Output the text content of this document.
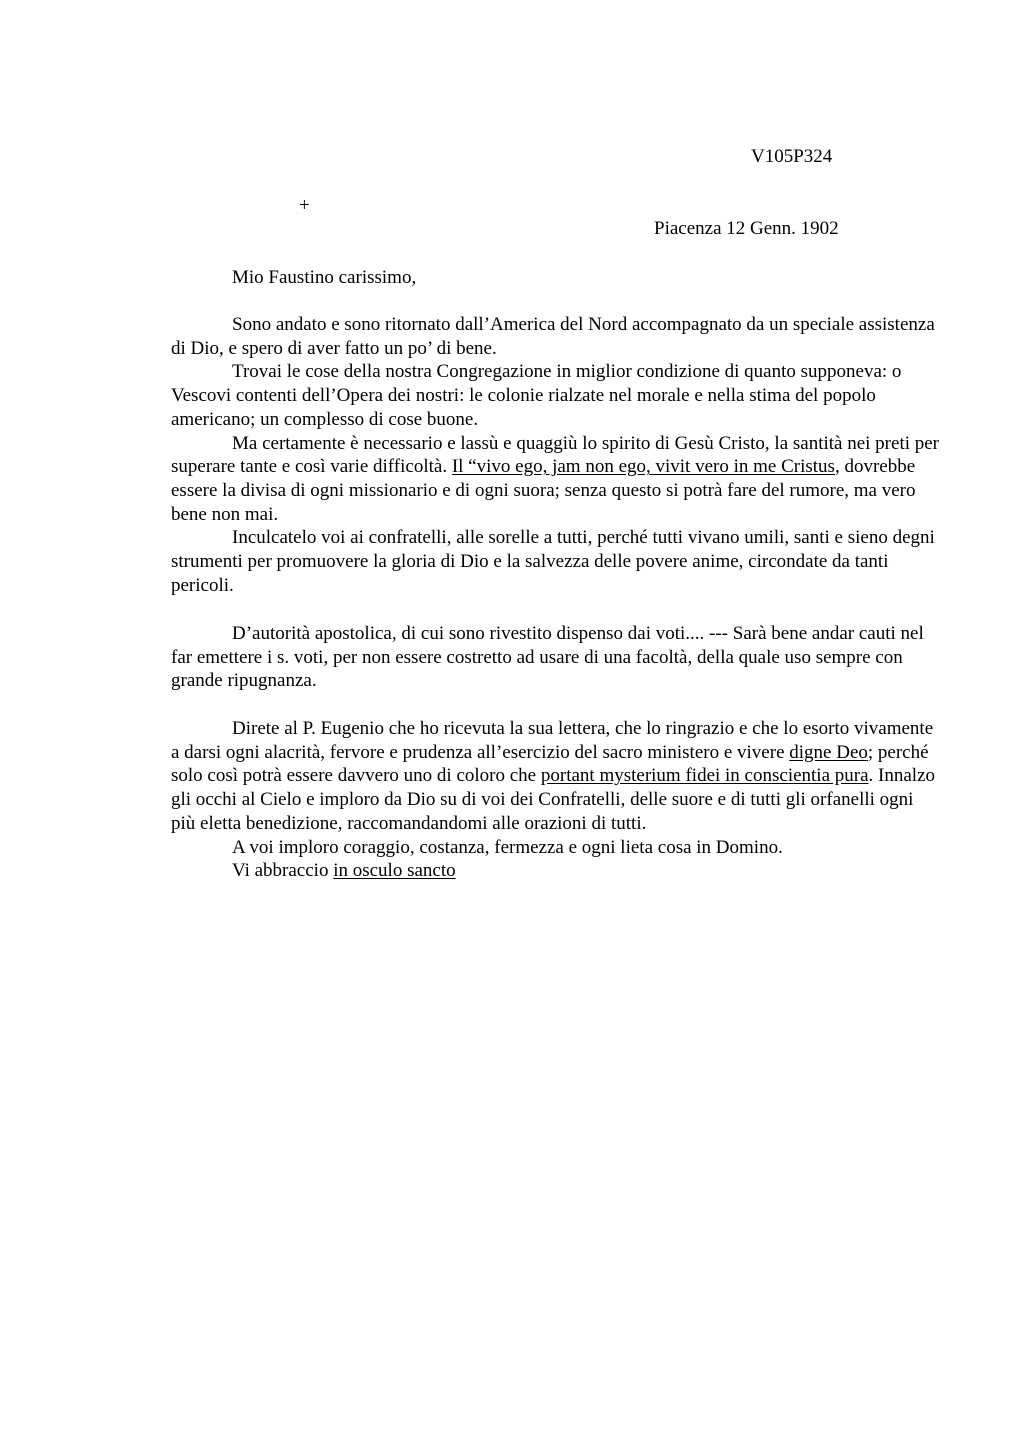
V105P324
+
Piacenza 12 Genn. 1902
Mio Faustino carissimo,

Sono andato e sono ritornato dall’America del Nord accompagnato da un speciale assistenza di Dio, e spero di aver fatto un po’ di bene.

Trovai le cose della nostra Congregazione in miglior condizione di quanto supponeva: o Vescovi contenti dell’Opera dei nostri: le colonie rialzate nel morale e nella stima del popolo americano; un complesso di cose buone.

Ma certamente è necessario e lassù e quaggiù lo spirito di Gesù Cristo, la santità nei preti per superare tante e così varie difficoltà. Il “vivo ego, jam non ego, vivit vero in me Cristus, dovrebbe essere la divisa di ogni missionario e di ogni suora; senza questo si potrà fare del rumore, ma vero bene non mai.

Inculcatelo voi ai confratelli, alle sorelle a tutti, perché tutti vivano umili, santi e sieno degni strumenti per promuovere la gloria di Dio e la salvezza delle povere anime, circondate da tanti pericoli.

D’autorità apostolica, di cui sono rivestito dispenso dai voti.... --- Sarà bene andar cauti nel far emettere i s. voti, per non essere costretto ad usare di una facoltà, della quale uso sempre con grande ripugnanza.

Direte al P. Eugenio che ho ricevuta la sua lettera, che lo ringrazio e che lo esorto vivamente a darsi ogni alacrità, fervore e prudenza all’esercizio del sacro ministero e vivere digne Deo; perché solo così potrà essere davvero uno di coloro che portant mysterium fidei in conscientia pura. Innalzo gli occhi al Cielo e imploro da Dio su di voi dei Confratelli, delle suore e di tutti gli orfanelli ogni più eletta benedizione, raccomandandomi alle orazioni di tutti.

A voi imploro coraggio, costanza, fermezza e ogni lieta cosa in Domino.

Vi abbraccio in osculo sancto
